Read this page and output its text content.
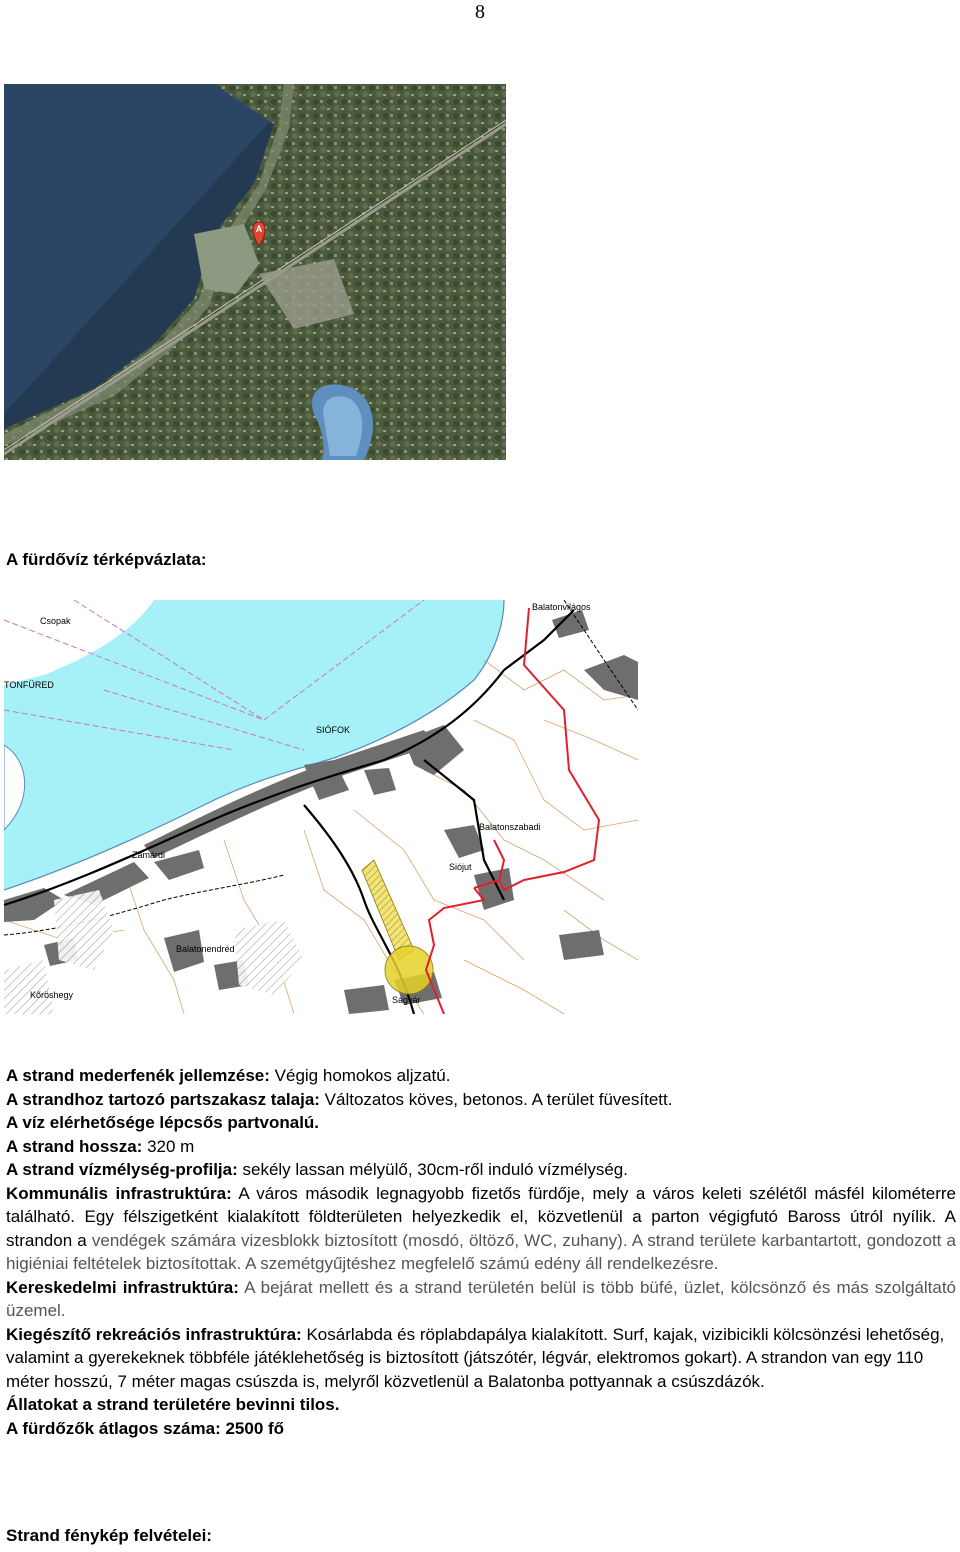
8
A
A fürdővíz térképvázlata:
Balatonvilágos
Csopak
TONFÜRED
SIÓFOK
Balatonszabadi
Zamárdi
Siójut
Balatonendréd
Kőröshegy	Ságvár

A strand mederfenék jellemzése: Végig homokos aljzatú.

A strandhoz tartozó partszakasz talaja: Változatos köves, betonos. A terület füvesített.

A víz elérhetősége lépcsős partvonalú.

A strand hossza: 320 m

A strand vízmélység-profilja: sekély lassan mélyülő, 30cm-ről induló vízmélység.

Kommunális infrastruktúra: A város második legnagyobb fizetős fürdője, mely a város keleti szélétől másfél kilométerre található. Egy félszigetként kialakított földterületen helyezkedik el, közvetlenül a parton végigfutó Baross útról nyílik. A strandon a vendégek számára vizesblokk biztosított (mosdó, öltöző, WC, zuhany). A strand területe karbantartott, gondozott a higiéniai feltételek biztosítottak. A szemétgyűjtéshez megfelelő számú edény áll rendelkezésre.

Kereskedelmi infrastruktúra: A bejárat mellett és a strand területén belül is több büfé, üzlet, kölcsönző és más szolgáltató üzemel.

Kiegészítő rekreációs infrastruktúra: Kosárlabda és röplabdapálya kialakított. Surf, kajak, vizibicikli kölcsönzési lehetőség, valamint a gyerekeknek többféle játéklehetőség is biztosított (játszótér, légvár, elektromos gokart). A strandon van egy 110 méter hosszú, 7 méter magas csúszda is, melyről közvetlenül a Balatonba pottyannak a csúszdázók.

Állatokat a strand területére bevinni tilos.

A fürdőzők átlagos száma: 2500 fő

Strand fénykép felvételei:
